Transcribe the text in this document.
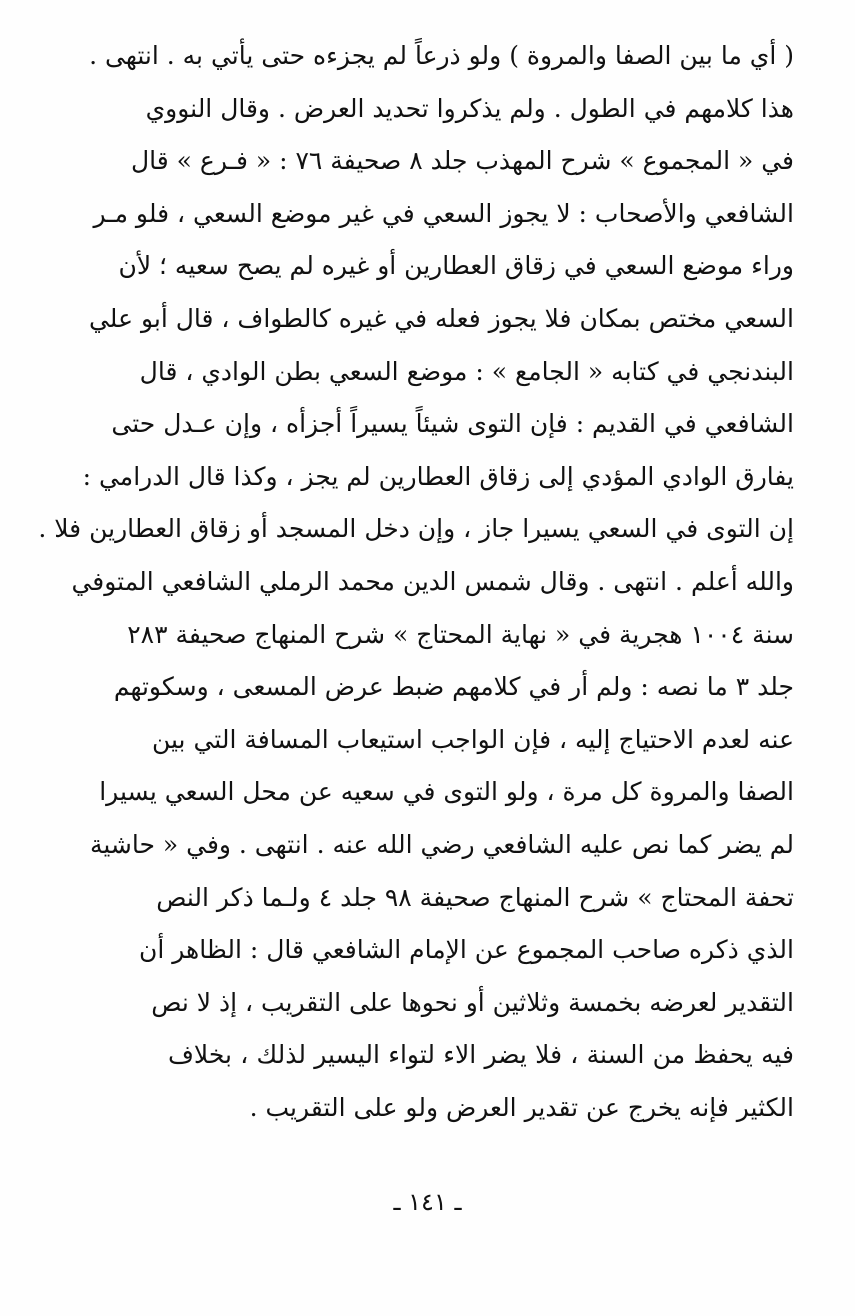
( أي ما بين الصفا والمروة ) ولو ذرعاً لم يجزءه حتى يأتي به . انتهى .
هذا كلامهم في الطول . ولم يذكروا تحديد العرض . وقال النووي
في « المجموع » شرح المهذب جلد ٨ صحيفة ٧٦ : « فـرع » قال
الشافعي والأصحاب : لا يجوز السعي في غير موضع السعي ، فلو مـر
وراء موضع السعي في زقاق العطارين أو غيره لم يصح سعيه ؛ لأن
السعي مختص بمكان فلا يجوز فعله في غيره كالطواف ، قال أبو علي
البندنجي في كتابه « الجامع » : موضع السعي بطن الوادي ، قال
الشافعي في القديم : فإن التوى شيئاً يسيراً أجزأه ، وإن عـدل حتى
يفارق الوادي المؤدي إلى زقاق العطارين لم يجز ، وكذا قال الدرامي :
إن التوى في السعي يسيرا جاز ، وإن دخل المسجد أو زقاق العطارين فلا .
والله أعلم . انتهى . وقال شمس الدين محمد الرملي الشافعي المتوفي
سنة ١٠٠٤ هجرية في « نهاية المحتاج » شرح المنهاج صحيفة ٢٨٣
جلد ٣ ما نصه : ولم أر في كلامهم ضبط عرض المسعى ، وسكوتهم
عنه لعدم الاحتياج إليه ، فإن الواجب استيعاب المسافة التي بين
الصفا والمروة كل مرة ، ولو التوى في سعيه عن محل السعي يسيرا
لم يضر كما نص عليه الشافعي رضي الله عنه . انتهى . وفي « حاشية
تحفة المحتاج » شرح المنهاج صحيفة ٩٨ جلد ٤ ولـما ذكر النص
الذي ذكره صاحب المجموع عن الإمام الشافعي قال : الظاهر أن
التقدير لعرضه بخمسة وثلاثين أو نحوها على التقريب ، إذ لا نص
فيه يحفظ من السنة ، فلا يضر الاء لتواء اليسير لذلك ، بخلاف
الكثير فإنه يخرج عن تقدير العرض ولو على التقريب .
ـ ١٤١ ـ
